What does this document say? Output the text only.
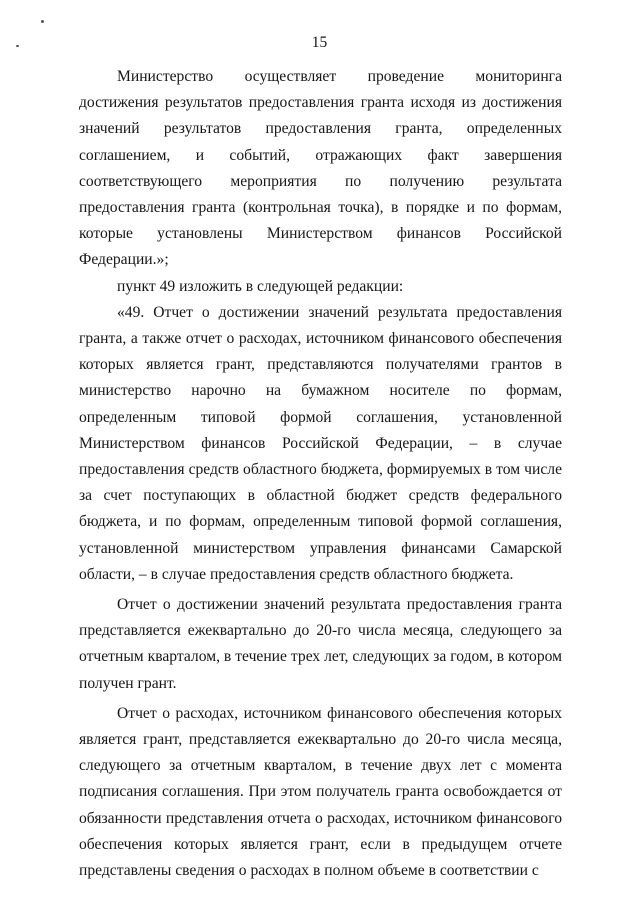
15

Министерство осуществляет проведение мониторинга достижения результатов предоставления гранта исходя из достижения значений результатов предоставления гранта, определенных соглашением, и событий, отражающих факт завершения соответствующего мероприятия по получению результата предоставления гранта (контрольная точка), в порядке и по формам, которые установлены Министерством финансов Российской Федерации.»;

пункт 49 изложить в следующей редакции:

«49. Отчет о достижении значений результата предоставления гранта, а также отчет о расходах, источником финансового обеспечения которых является грант, представляются получателями грантов в министерство нарочно на бумажном носителе по формам, определенным типовой формой соглашения, установленной Министерством финансов Российской Федерации, – в случае предоставления средств областного бюджета, формируемых в том числе за счет поступающих в областной бюджет средств федерального бюджета, и по формам, определенным типовой формой соглашения, установленной министерством управления финансами Самарской области, – в случае предоставления средств областного бюджета.

Отчет о достижении значений результата предоставления гранта представляется ежеквартально до 20-го числа месяца, следующего за отчетным кварталом, в течение трех лет, следующих за годом, в котором получен грант.

Отчет о расходах, источником финансового обеспечения которых является грант, представляется ежеквартально до 20-го числа месяца, следующего за отчетным кварталом, в течение двух лет с момента подписания соглашения. При этом получатель гранта освобождается от обязанности представления отчета о расходах, источником финансового обеспечения которых является грант, если в предыдущем отчете представлены сведения о расходах в полном объеме в соответствии с
